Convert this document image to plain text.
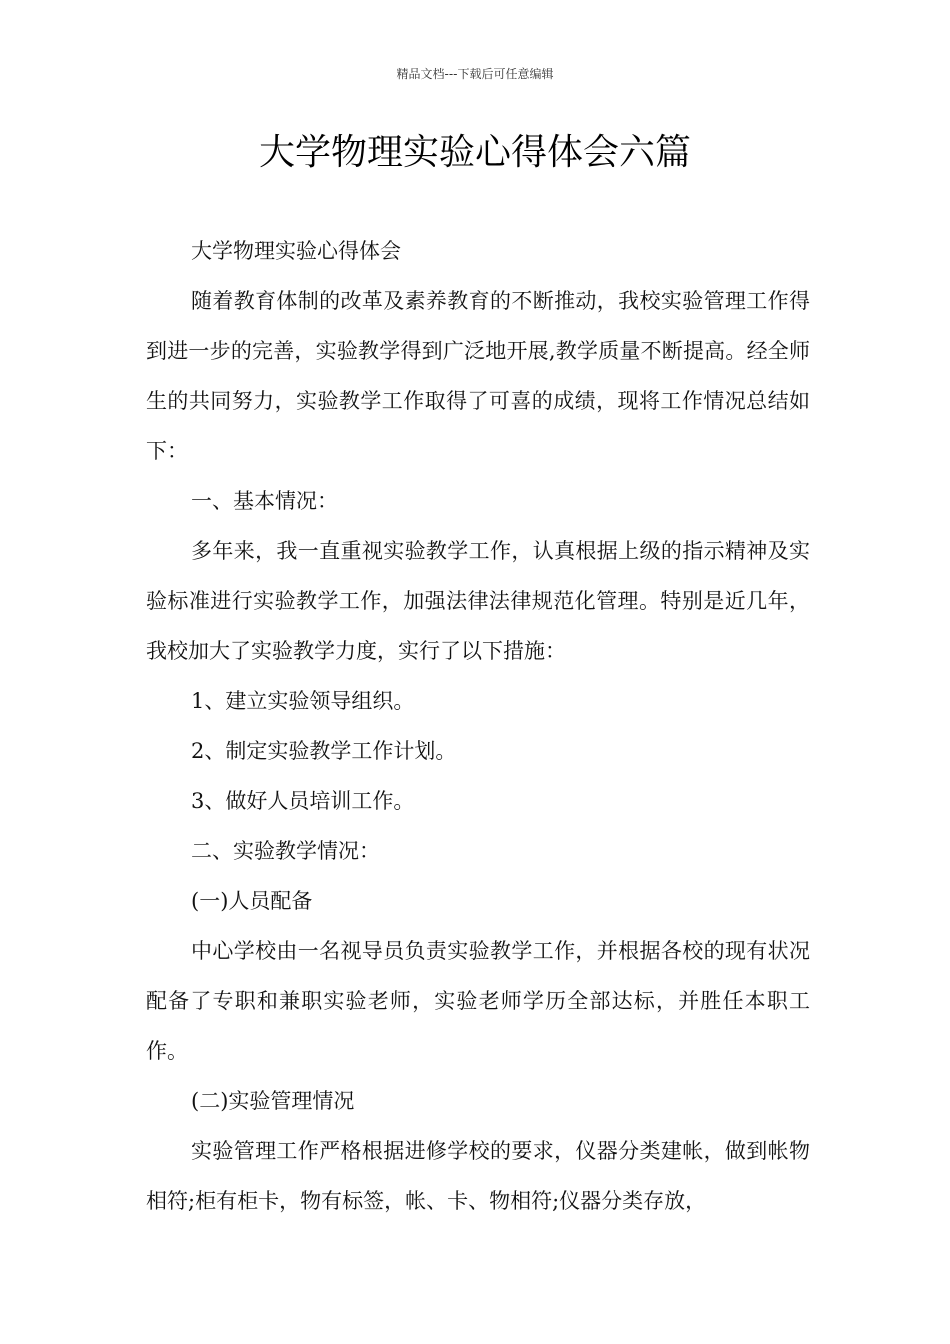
精品文档---下载后可任意编辑
大学物理实验心得体会六篇

大学物理实验心得体会

随着教育体制的改革及素养教育的不断推动，我校实验管理工作得到进一步的完善，实验教学得到广泛地开展,教学质量不断提高。经全师生的共同努力，实验教学工作取得了可喜的成绩，现将工作情况总结如下：

一、基本情况：

多年来，我一直重视实验教学工作，认真根据上级的指示精神及实验标准进行实验教学工作，加强法律法律规范化管理。特别是近几年，我校加大了实验教学力度，实行了以下措施：

1、建立实验领导组织。

2、制定实验教学工作计划。

3、做好人员培训工作。

二、实验教学情况：

(一)人员配备

中心学校由一名视导员负责实验教学工作，并根据各校的现有状况配备了专职和兼职实验老师，实验老师学历全部达标，并胜任本职工作。

(二)实验管理情况

实验管理工作严格根据进修学校的要求，仪器分类建帐，做到帐物相符;柜有柜卡，物有标签，帐、卡、物相符;仪器分类存放，
